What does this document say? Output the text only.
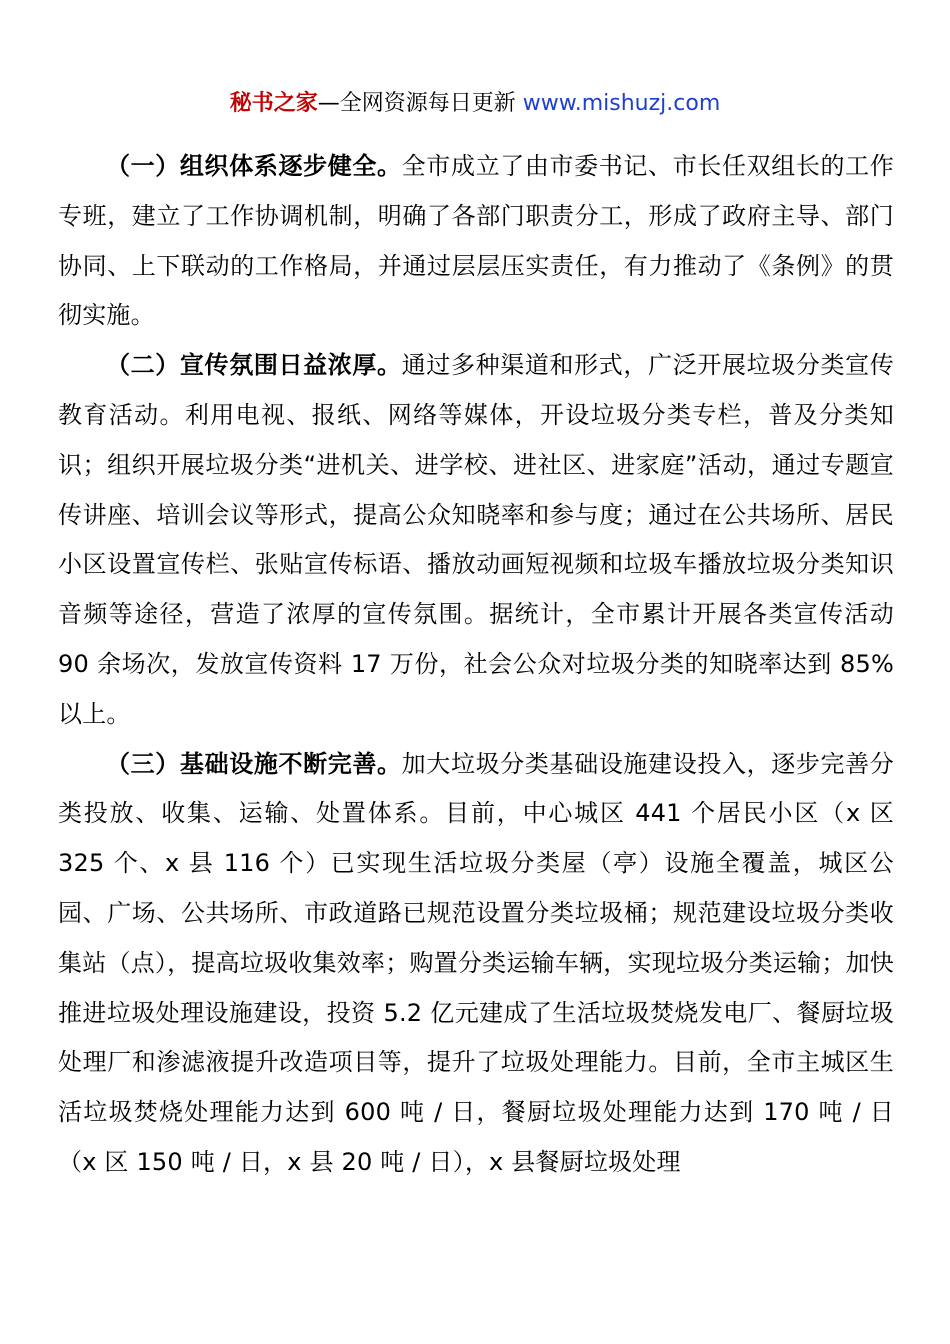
秘书之家—全网资源每日更新 www.mishuzj.com

（一）组织体系逐步健全。全市成立了由市委书记、市长任双组长的工作专班，建立了工作协调机制，明确了各部门职责分工，形成了政府主导、部门协同、上下联动的工作格局，并通过层层压实责任，有力推动了《条例》的贯彻实施。

（二）宣传氛围日益浓厚。通过多种渠道和形式，广泛开展垃圾分类宣传教育活动。利用电视、报纸、网络等媒体，开设垃圾分类专栏，普及分类知识；组织开展垃圾分类“进机关、进学校、进社区、进家庭”活动，通过专题宣传讲座、培训会议等形式，提高公众知晓率和参与度；通过在公共场所、居民小区设置宣传栏、张贴宣传标语、播放动画短视频和垃圾车播放垃圾分类知识音频等途径，营造了浓厚的宣传氛围。据统计，全市累计开展各类宣传活动 90 余场次，发放宣传资料 17 万份，社会公众对垃圾分类的知晓率达到 85%以上。

（三）基础设施不断完善。加大垃圾分类基础设施建设投入，逐步完善分类投放、收集、运输、处置体系。目前，中心城区 441 个居民小区（x 区 325 个、x 县 116 个）已实现生活垃圾分类屋（亭）设施全覆盖，城区公园、广场、公共场所、市政道路已规范设置分类垃圾桶；规范建设垃圾分类收集站（点），提高垃圾收集效率；购置分类运输车辆，实现垃圾分类运输；加快推进垃圾处理设施建设，投资 5.2 亿元建成了生活垃圾焚烧发电厂、餐厨垃圾处理厂和渗滤液提升改造项目等，提升了垃圾处理能力。目前，全市主城区生活垃圾焚烧处理能力达到 600 吨 / 日，餐厨垃圾处理能力达到 170 吨 / 日（x 区 150 吨 / 日，x 县 20 吨 / 日），x 县餐厨垃圾处理
